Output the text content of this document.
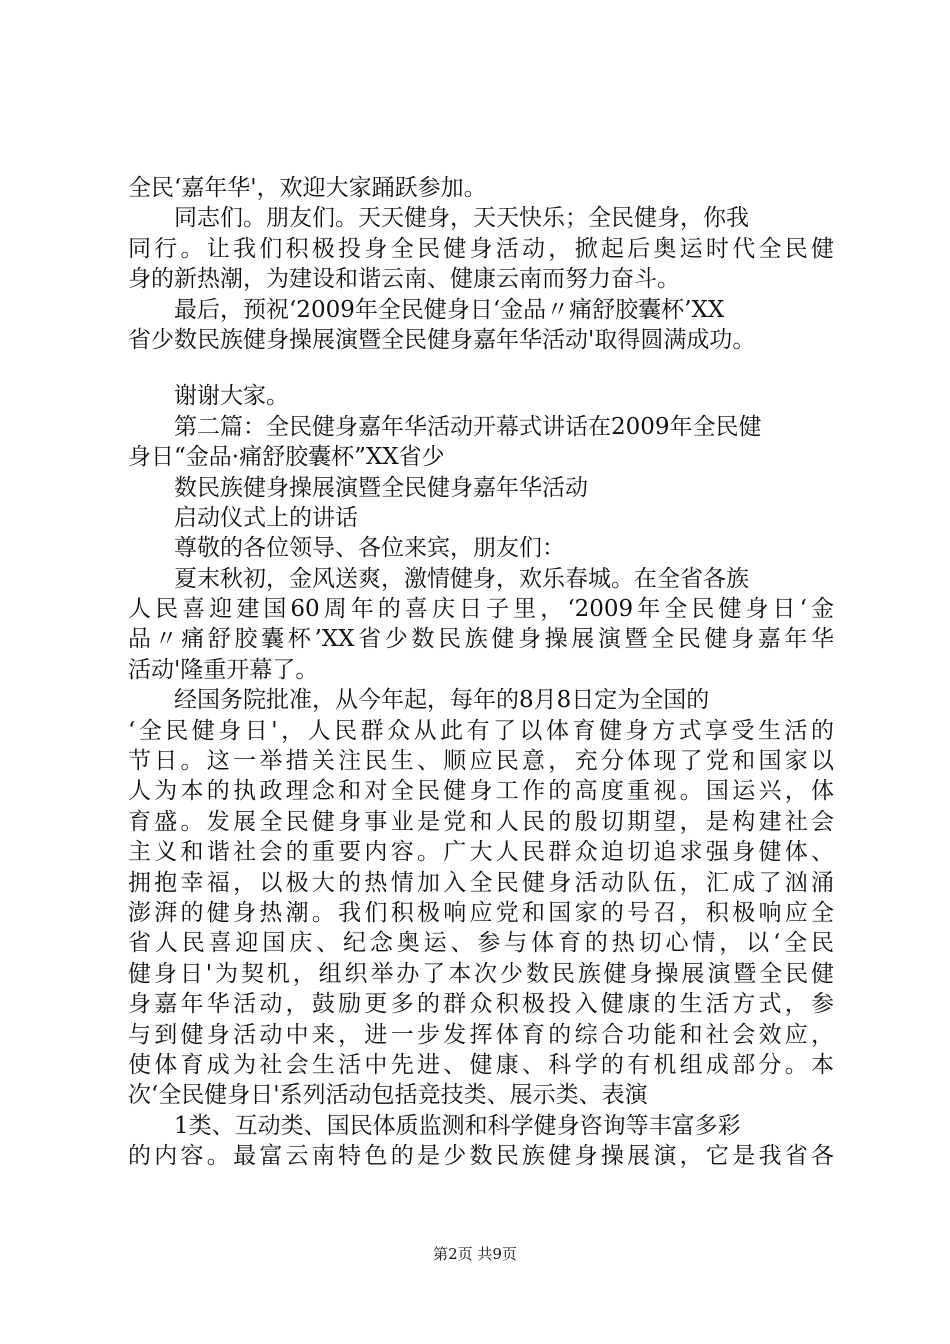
全民‘嘉年华'，欢迎大家踊跃参加。
同志们。朋友们。天天健身，天天快乐；全民健身，你我
同行。让我们积极投身全民健身活动，掀起后奥运时代全民健
身的新热潮，为建设和谐云南、健康云南而努力奋斗。
最后，预祝‘2009年全民健身日‘金品〃痛舒胶囊杯’XX
省少数民族健身操展演暨全民健身嘉年华活动'取得圆满成功。
谢谢大家。
第二篇：全民健身嘉年华活动开幕式讲话在2009年全民健
身日“金品·痛舒胶囊杯”XX省少
数民族健身操展演暨全民健身嘉年华活动
启动仪式上的讲话
尊敬的各位领导、各位来宾，朋友们：
夏末秋初，金风送爽，激情健身，欢乐春城。在全省各族
人民喜迎建国60周年的喜庆日子里，‘2009年全民健身日‘金
品〃痛舒胶囊杯’XX省少数民族健身操展演暨全民健身嘉年华
活动'隆重开幕了。
经国务院批准，从今年起，每年的8月8日定为全国的
‘全民健身日'，人民群众从此有了以体育健身方式享受生活的
节日。这一举措关注民生、顺应民意，充分体现了党和国家以
人为本的执政理念和对全民健身工作的高度重视。国运兴，体
育盛。发展全民健身事业是党和人民的殷切期望，是构建社会
主义和谐社会的重要内容。广大人民群众迫切追求强身健体、
拥抱幸福，以极大的热情加入全民健身活动队伍，汇成了汹涌
澎湃的健身热潮。我们积极响应党和国家的号召，积极响应全
省人民喜迎国庆、纪念奥运、参与体育的热切心情，以‘全民
健身日'为契机，组织举办了本次少数民族健身操展演暨全民健
身嘉年华活动，鼓励更多的群众积极投入健康的生活方式，参
与到健身活动中来，进一步发挥体育的综合功能和社会效应，
使体育成为社会生活中先进、健康、科学的有机组成部分。本
次‘全民健身日'系列活动包括竞技类、展示类、表演
1类、互动类、国民体质监测和科学健身咨询等丰富多彩
的内容。最富云南特色的是少数民族健身操展演，它是我省各
第2页 共9页
